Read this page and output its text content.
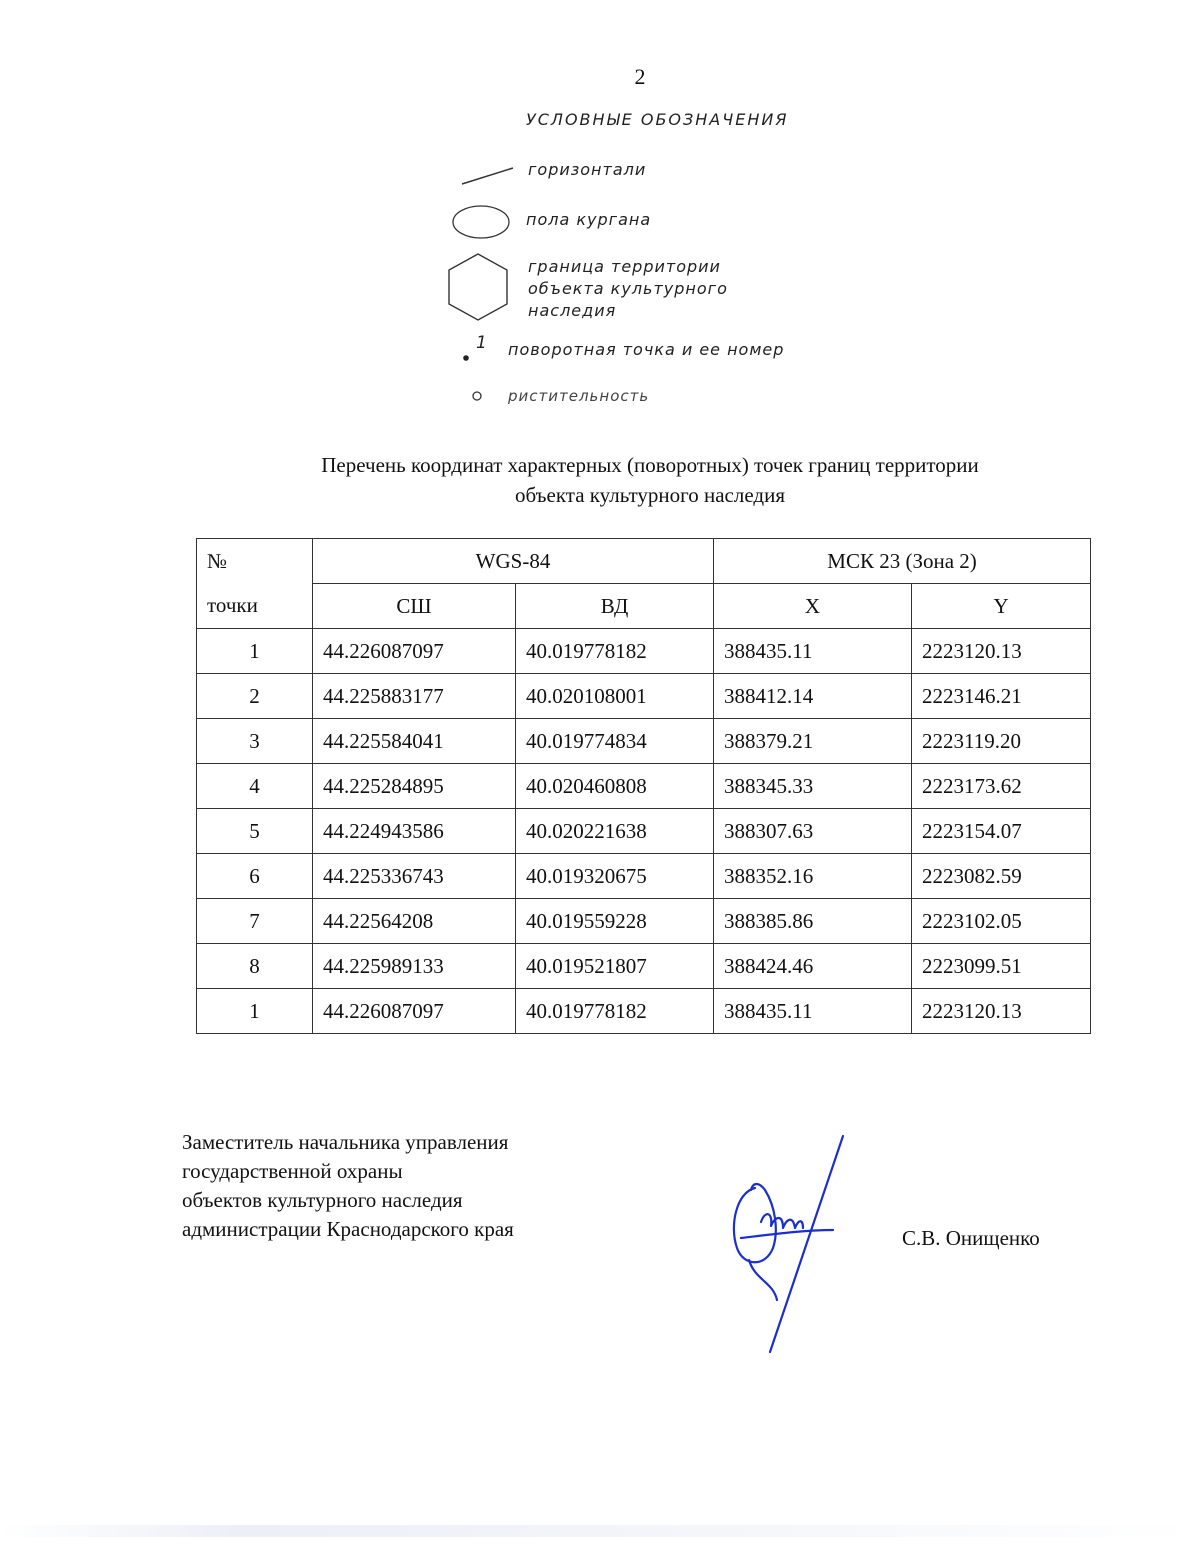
2
УСЛОВНЫЕ ОБОЗНАЧЕНИЯ
горизонтали
пола кургана
граница территории
объекта культурного
наследия
1 поворотная точка и ее номер
ристительность
Перечень координат характерных (поворотных) точек границ территории
объекта культурного наследия
№	WGS-84		МСК 23 (Зона 2)	
точки	СШ	ВД	X	Y
1	44.226087097	40.019778182	388435.11	2223120.13
2	44.225883177	40.020108001	388412.14	2223146.21
3	44.225584041	40.019774834	388379.21	2223119.20
4	44.225284895	40.020460808	388345.33	2223173.62
5	44.224943586	40.020221638	388307.63	2223154.07
6	44.225336743	40.019320675	388352.16	2223082.59
7	44.22564208	40.019559228	388385.86	2223102.05
8	44.225989133	40.019521807	388424.46	2223099.51
1	44.226087097	40.019778182	388435.11	2223120.13
Заместитель начальника управления
государственной охраны
объектов культурного наследия
администрации Краснодарского края	С.В. Онищенко
